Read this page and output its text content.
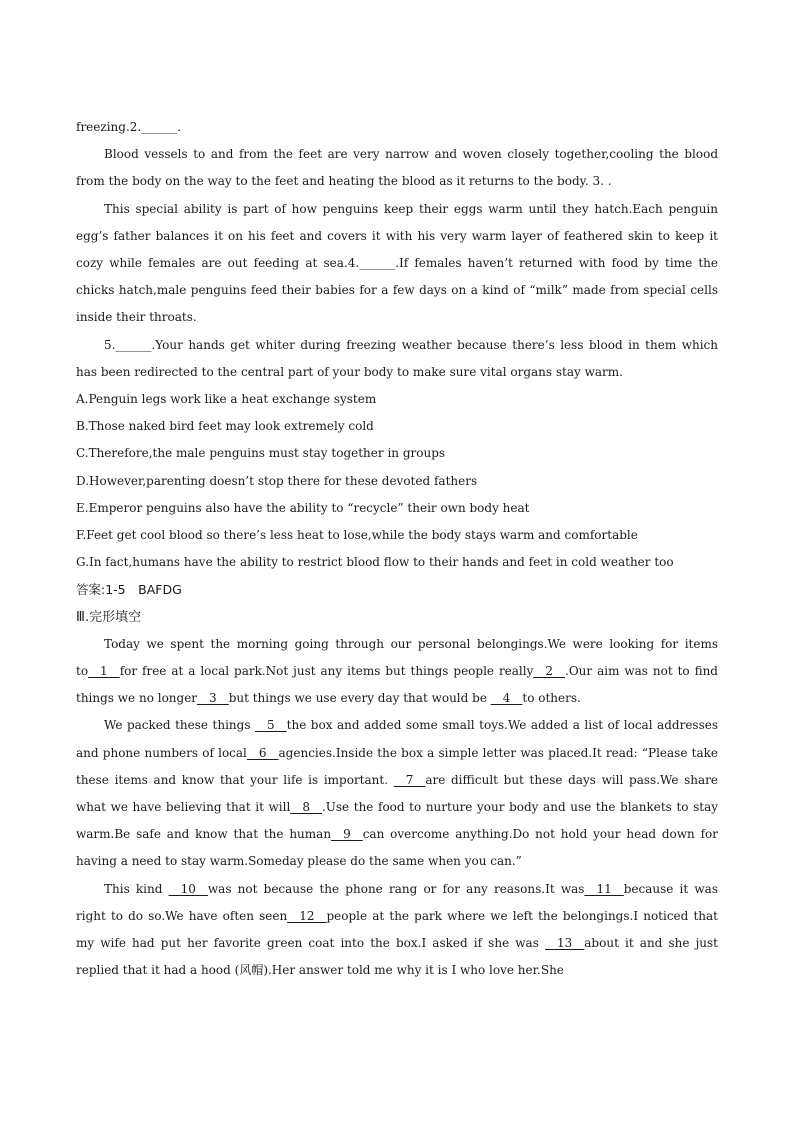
freezing.2.______.

Blood vessels to and from the feet are very narrow and woven closely together,cooling the blood from the body on the way to the feet and heating the blood as it returns to the body. 3. .

This special ability is part of how penguins keep their eggs warm until they hatch.Each penguin egg’s father balances it on his feet and covers it with his very warm layer of feathered skin to keep it cozy while females are out feeding at sea.4.______.If females haven’t returned with food by time the chicks hatch,male penguins feed their babies for a few days on a kind of “milk” made from special cells inside their throats.

5.______.Your hands get whiter during freezing weather because there’s less blood in them which has been redirected to the central part of your body to make sure vital organs stay warm.

A.Penguin legs work like a heat exchange system

B.Those naked bird feet may look extremely cold

C.Therefore,the male penguins must stay together in groups

D.However,parenting doesn’t stop there for these devoted fathers

E.Emperor penguins also have the ability to “recycle” their own body heat

F.Feet get cool blood so there’s less heat to lose,while the body stays warm and comfortable

G.In fact,humans have the ability to restrict blood flow to their hands and feet in cold weather too

答案:1-5　BAFDG

Ⅲ.完形填空

Today we spent the morning going through our personal belongings.We were looking for items to__1__for free at a local park.Not just any items but things people really__2__.Our aim was not to find things we no longer__3__but things we use every day that would be __4__to others.

We packed these things __5__the box and added some small toys.We added a list of local addresses and phone numbers of local__6__agencies.Inside the box a simple letter was placed.It read: “Please take these items and know that your life is important. __7__are difficult but these days will pass.We share what we have believing that it will__8__.Use the food to nurture your body and use the blankets to stay warm.Be safe and know that the human__9__can overcome anything.Do not hold your head down for having a need to stay warm.Someday please do the same when you can.”

This kind __10__was not because the phone rang or for any reasons.It was__11__because it was right to do so.We have often seen__12__people at the park where we left the belongings.I noticed that my wife had put her favorite green coat into the box.I asked if she was __13__about it and she just replied that it had a hood (风帽).Her answer told me why it is I who love her.She
